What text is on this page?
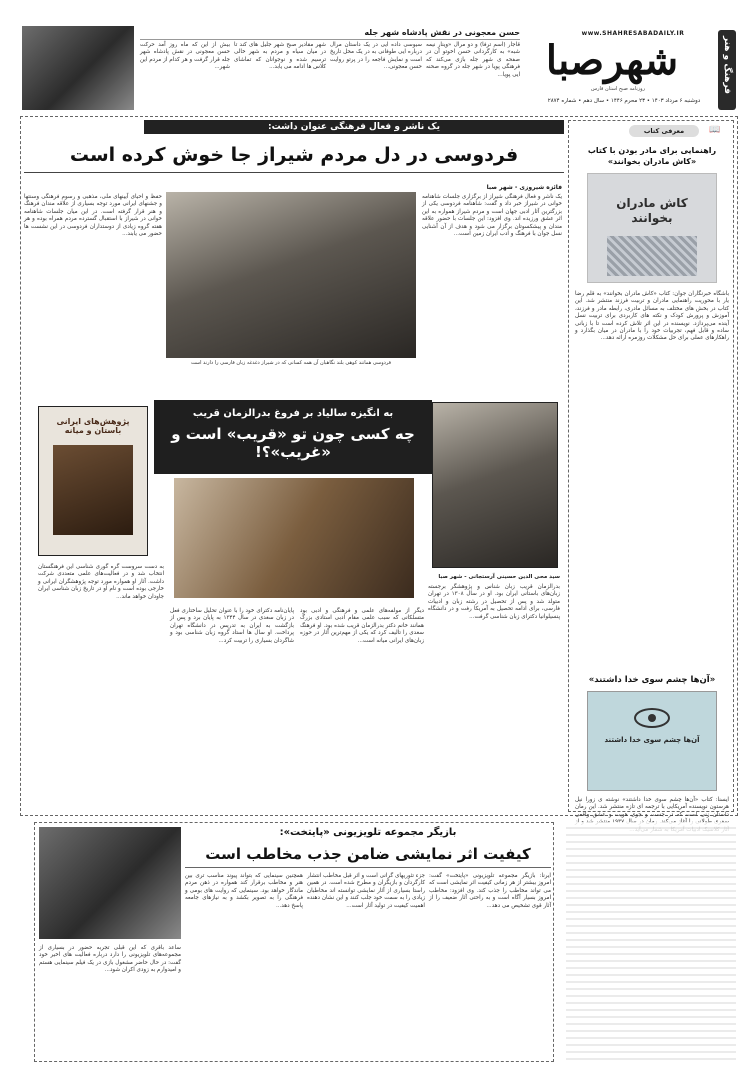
www.SHAHRESABADAILY.IR
شهرصبا
روزنامه صبح استان فارس
دوشنبه ۶ مرداد ۱۴۰۳ • ۲۳ محرم ۱۴۴۶ • سال دهم • شماره ۲۸۷۴
فرهنگ و هنر
حسن معجونی در نقش پادشاه شهر جله
قاجار (اسم ترفا) و دو مرال «وینار نیمه شبه» به کارگردانی حسن اخوتو آن در صفحه ی شهر جله بازی می‌کند که فرهنگی پویا در شهر جله در گروه صحنه ایی پویا...
سیوسی داده ایی در یک داستان مرال درباره ایی طوفانی به در یک محل تاریخ است و نمایش فاجعه را در پرتو روایت حسن معجونی...
شهر مقادیر صبح شهر جلیل های کند تا در میان سیاه و مردم به شهر خالی ترسیم شده و نوجوانان که تماشای کلاس ها ادامه می یابد...
بیش از این که ماه روز آمد حرکت حسن معجونی در نقش پادشاه شهر جله قرار گرفت و هر کدام از مردم این شهر...
معرفی کتاب	📖
راهنمایی برای مادر بودن با کتاب «کاش مادران بخوانند»
کاش مادران بخوانند
باشگاه خبرنگاران جوان: کتاب «کاش مادران بخوانند» به قلم رضا یار با محوریت راهنمایی مادران و تربیت فرزند منتشر شد. این کتاب در بخش های مختلف به مسائل مادری، رابطه مادر و فرزند، آموزش و پرورش کودک و نکته های کاربردی برای تربیت نسل آینده می‌پردازد. نویسنده در این اثر تلاش کرده است تا با زبانی ساده و قابل فهم، تجربیات خود را با مادران در میان بگذارد و راهکارهای عملی برای حل مشکلات روزمره ارائه دهد...
«آن‌ها چشم سوی خدا داشتند»
آن‌ها چشم سوی خدا داشتند
ایسنا: کتاب «آن‌ها چشم سوی خدا داشتند» نوشته ی زورا نیل هرستون نویسنده آمریکایی با ترجمه ای تازه منتشر شد. این رمان داستان زنی است که در جست و جوی هویت و عشق واقعی
یک ناشر و فعال فرهنگی عنوان داشت:
فردوسی در دل مردم شیراز جا خوش کرده است
فردوسی همانند کوهی بلند نگاهبان آن همه کسانی که در شیراز دغدغه زبان فارسی را دارند است
فائزه شیروزی - شهر صبا
یک ناشر و فعال فرهنگی شیراز از برگزاری جلسات شاهنامه خوانی در شیراز خبر داد و گفت: شاهنامه فردوسی یکی از بزرگترین آثار ادبی جهان است و مردم شیراز همواره به این اثر عشق ورزیده اند. وی افزود: این جلسات با حضور علاقه مندان و پیشکسوتان برگزار می شود و هدف از آن آشنایی نسل جوان با فرهنگ و ادب ایران زمین است...
حفظ و احیای آیینهای ملی، مذهبی و رسوم فرهنگی وسنتها و جشنهای ایرانی مورد توجه بسیاری از علاقه مندان فرهنگ و هنر قرار گرفته است. در این میان جلسات شاهنامه خوانی در شیراز با استقبال گسترده مردم همراه بوده و هر هفته گروه زیادی از دوستداران فردوسی در این نشست ها حضور می یابند...
پژوهش‌های ایرانی باستان و میانه
به انگیزه سالیاد بر فروغ بدرالزمان قریب
چه کسی چون تو «قریب» است و «غریب»؟!
سید محی الدین حسینی آرستجانی - شهر صبا
بدرالزمان قریب زبان شناس و پژوهشگر برجسته زبان‌های باستانی ایران بود. او در سال ۱۳۰۸ در تهران متولد شد و پس از تحصیل در رشته زبان و ادبیات فارسی، برای ادامه تحصیل به آمریکا رفت و در دانشگاه پنسیلوانیا دکترای زبان شناسی گرفت...
دیگر از مولفه‌های علمی و فرهنگی و ادبی بود متسلکانی که سبب علمی مقام ادبی استادی بزرگ همانند خانم دکتر بدرالزمان قریب شده بود. او فرهنگ سغدی را تالیف کرد که یکی از مهم‌ترین آثار در حوزه زبان‌های ایرانی میانه است...
پایان‌نامه دکترای خود را با عنوان تحلیل ساختاری فعل در زبان سغدی در سال ۱۳۴۴ به پایان برد و پس از بازگشت به ایران به تدریس در دانشگاه تهران پرداخت. او سال ها استاد گروه زبان شناسی بود و شاگردان بسیاری را تربیت کرد...
به دست سروست گره گوری شناسی این فرهنگستان انتخاب شد و در فعالیت‌های علمی متعددی شرکت داشت. آثار او همواره مورد توجه پژوهشگران ایرانی و خارجی بوده است و نام او در تاریخ زبان شناسی ایران جاودان خواهد ماند...
بازیگر مجموعه تلویزیونی «پایتخت»:
کیفیت اثر نمایشی ضامن جذب مخاطب است
ایرنا: بازیگر مجموعه تلویزیونی «پایتخت» گفت: امروز بیشتر از هر زمانی کیفیت اثر نمایشی است که می تواند مخاطب را جذب کند. وی افزود: مخاطب امروز بسیار آگاه است و به راحتی آثار ضعیف را از آثار قوی تشخیص می دهد...
جزء تئوریهای گرانی است و اثر قبل مخاطب انتشار کارگردان و بازیگران و مطرح شده است. در همین راستا بسیاری از آثار نمایشی توانسته اند مخاطبان زیادی را به سمت خود جلب کنند و این نشان دهنده اهمیت کیفیت در تولید آثار است...
همچنین سینمایی که بتواند پیوند مناسب تری بین هنر و مخاطب برقرار کند همواره در ذهن مردم ماندگار خواهد بود. سینمایی که روایت های بومی و فرهنگی را به تصویر بکشد و به نیازهای جامعه پاسخ دهد...
ساعد باقری که این قبلی تجربه حضور در بسیاری از مجموعه‌های تلویزیونی را دارد درباره فعالیت های اخیر خود گفت: در حال حاضر مشغول بازی در یک فیلم سینمایی هستم و امیدوارم به زودی اکران شود...
